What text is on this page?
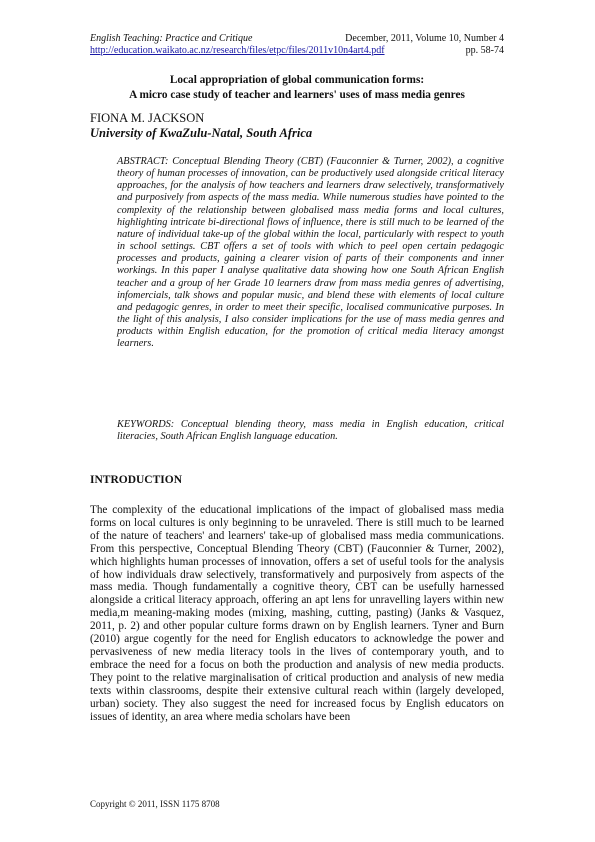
English Teaching: Practice and Critique	December, 2011, Volume 10, Number 4
http://education.waikato.ac.nz/research/files/etpc/files/2011v10n4art4.pdf	pp. 58-74
Local appropriation of global communication forms:
A micro case study of teacher and learners' uses of mass media genres
FIONA M. JACKSON
University of KwaZulu-Natal, South Africa

ABSTRACT: Conceptual Blending Theory (CBT) (Fauconnier & Turner, 2002), a cognitive theory of human processes of innovation, can be productively used alongside critical literacy approaches, for the analysis of how teachers and learners draw selectively, transformatively and purposively from aspects of the mass media. While numerous studies have pointed to the complexity of the relationship between globalised mass media forms and local cultures, highlighting intricate bi-directional flows of influence, there is still much to be learned of the nature of individual take-up of the global within the local, particularly with respect to youth in school settings. CBT offers a set of tools with which to peel open certain pedagogic processes and products, gaining a clearer vision of parts of their components and inner workings. In this paper I analyse qualitative data showing how one South African English teacher and a group of her Grade 10 learners draw from mass media genres of advertising, infomercials, talk shows and popular music, and blend these with elements of local culture and pedagogic genres, in order to meet their specific, localised communicative purposes. In the light of this analysis, I also consider implications for the use of mass media genres and products within English education, for the promotion of critical media literacy amongst learners.

KEYWORDS: Conceptual blending theory, mass media in English education, critical literacies, South African English language education.

INTRODUCTION

The complexity of the educational implications of the impact of globalised mass media forms on local cultures is only beginning to be unraveled. There is still much to be learned of the nature of teachers' and learners' take-up of globalised mass media communications. From this perspective, Conceptual Blending Theory (CBT) (Fauconnier & Turner, 2002), which highlights human processes of innovation, offers a set of useful tools for the analysis of how individuals draw selectively, transformatively and purposively from aspects of the mass media. Though fundamentally a cognitive theory, CBT can be usefully harnessed alongside a critical literacy approach, offering an apt lens for unravelling layers within new media,m meaning-making modes (mixing, mashing, cutting, pasting) (Janks & Vasquez, 2011, p. 2) and other popular culture forms drawn on by English learners. Tyner and Burn (2010) argue cogently for the need for English educators to acknowledge the power and pervasiveness of new media literacy tools in the lives of contemporary youth, and to embrace the need for a focus on both the production and analysis of new media products. They point to the relative marginalisation of critical production and analysis of new media texts within classrooms, despite their extensive cultural reach within (largely developed, urban) society. They also suggest the need for increased focus by English educators on issues of identity, an area where media scholars have been

Copyright © 2011, ISSN 1175 8708
